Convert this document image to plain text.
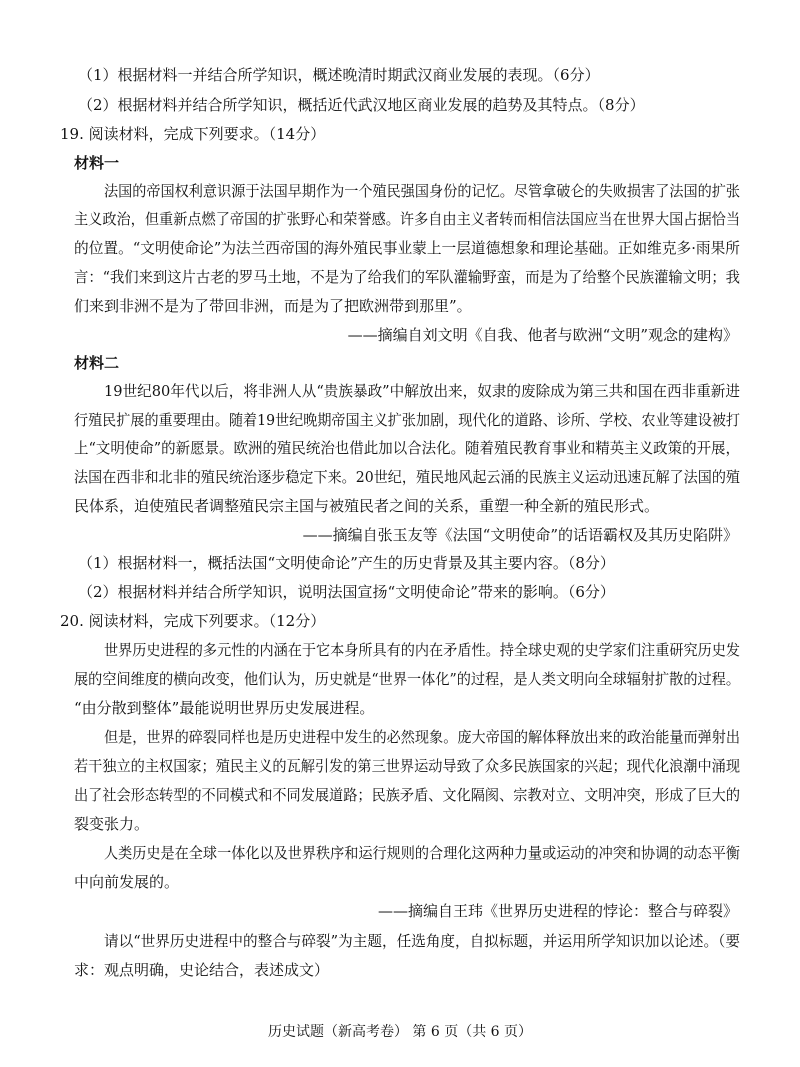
（1）根据材料一并结合所学知识，概述晚清时期武汉商业发展的表现。（6分）
（2）根据材料并结合所学知识，概括近代武汉地区商业发展的趋势及其特点。（8分）
19. 阅读材料，完成下列要求。（14分）
材料一
法国的帝国权利意识源于法国早期作为一个殖民强国身份的记忆。尽管拿破仑的失败损害了法国的扩张
主义政治，但重新点燃了帝国的扩张野心和荣誉感。许多自由主义者转而相信法国应当在世界大国占据恰当
的位置。“文明使命论”为法兰西帝国的海外殖民事业蒙上一层道德想象和理论基础。正如维克多·雨果所
言：“我们来到这片古老的罗马土地，不是为了给我们的军队灌输野蛮，而是为了给整个民族灌输文明；我
们来到非洲不是为了带回非洲，而是为了把欧洲带到那里”。
——摘编自刘文明《自我、他者与欧洲“文明”观念的建构》
材料二
19世纪80年代以后，将非洲人从“贵族暴政”中解放出来，奴隶的废除成为第三共和国在西非重新进
行殖民扩展的重要理由。随着19世纪晚期帝国主义扩张加剧，现代化的道路、诊所、学校、农业等建设被打
上“文明使命”的新愿景。欧洲的殖民统治也借此加以合法化。随着殖民教育事业和精英主义政策的开展，
法国在西非和北非的殖民统治逐步稳定下来。20世纪，殖民地风起云涌的民族主义运动迅速瓦解了法国的殖
民体系，迫使殖民者调整殖民宗主国与被殖民者之间的关系，重塑一种全新的殖民形式。
——摘编自张玉友等《法国“文明使命”的话语霸权及其历史陷阱》
（1）根据材料一，概括法国“文明使命论”产生的历史背景及其主要内容。（8分）
（2）根据材料并结合所学知识，说明法国宣扬“文明使命论”带来的影响。（6分）
20. 阅读材料，完成下列要求。（12分）
世界历史进程的多元性的内涵在于它本身所具有的内在矛盾性。持全球史观的史学家们注重研究历史发
展的空间维度的横向改变，他们认为，历史就是“世界一体化”的过程，是人类文明向全球辐射扩散的过程。
“由分散到整体”最能说明世界历史发展进程。
但是，世界的碎裂同样也是历史进程中发生的必然现象。庞大帝国的解体释放出来的政治能量而弹射出
若干独立的主权国家；殖民主义的瓦解引发的第三世界运动导致了众多民族国家的兴起；现代化浪潮中涌现
出了社会形态转型的不同模式和不同发展道路；民族矛盾、文化隔阂、宗教对立、文明冲突，形成了巨大的
裂变张力。
人类历史是在全球一体化以及世界秩序和运行规则的合理化这两种力量或运动的冲突和协调的动态平衡
中向前发展的。
——摘编自王玮《世界历史进程的悖论：整合与碎裂》
请以“世界历史进程中的整合与碎裂”为主题，任选角度，自拟标题，并运用所学知识加以论述。（要
求：观点明确，史论结合，表述成文）
历史试题（新高考卷） 第 6 页（共 6 页）
